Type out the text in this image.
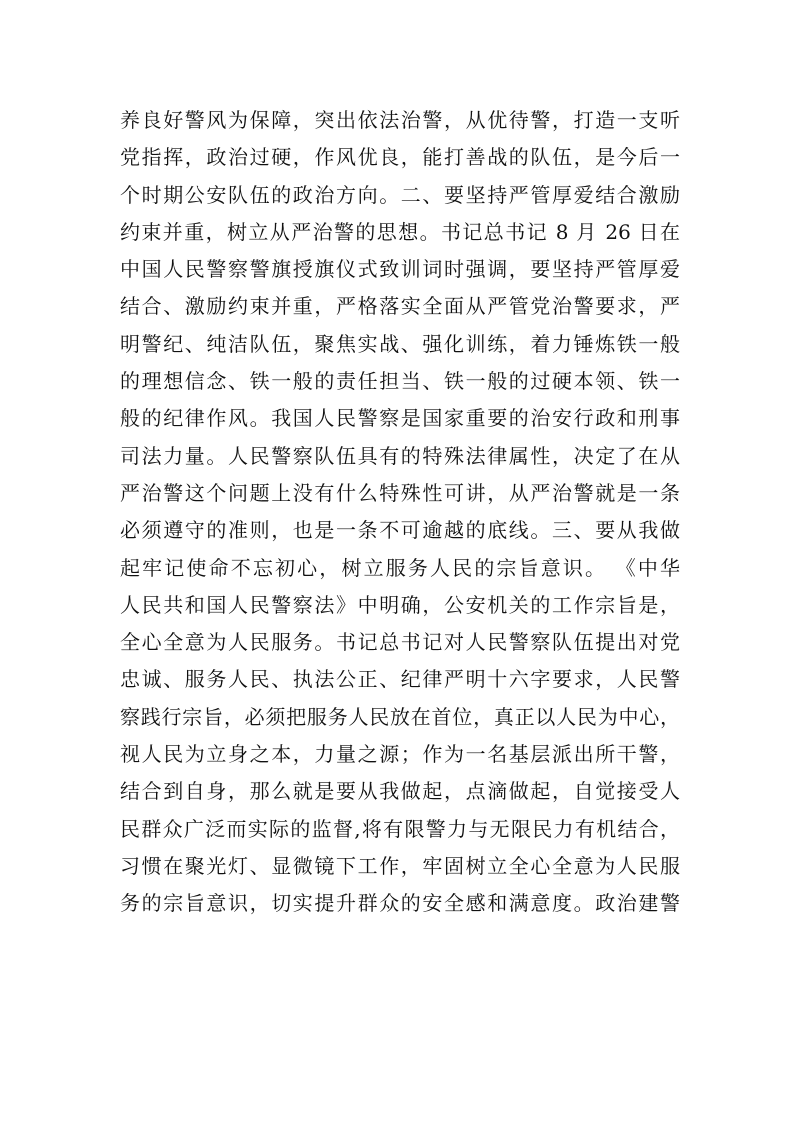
养良好警风为保障，突出依法治警，从优待警，打造一支听
党指挥，政治过硬，作风优良，能打善战的队伍，是今后一
个时期公安队伍的政治方向。二、要坚持严管厚爱结合激励
约束并重，树立从严治警的思想。书记总书记 8 月 26 日在
中国人民警察警旗授旗仪式致训词时强调，要坚持严管厚爱
结合、激励约束并重，严格落实全面从严管党治警要求，严
明警纪、纯洁队伍，聚焦实战、强化训练，着力锤炼铁一般
的理想信念、铁一般的责任担当、铁一般的过硬本领、铁一
般的纪律作风。我国人民警察是国家重要的治安行政和刑事
司法力量。人民警察队伍具有的特殊法律属性，决定了在从
严治警这个问题上没有什么特殊性可讲，从严治警就是一条
必须遵守的准则，也是一条不可逾越的底线。三、要从我做
起牢记使命不忘初心，树立服务人民的宗旨意识。 《中华
人民共和国人民警察法》中明确，公安机关的工作宗旨是，
全心全意为人民服务。书记总书记对人民警察队伍提出对党
忠诚、服务人民、执法公正、纪律严明十六字要求，人民警
察践行宗旨，必须把服务人民放在首位，真正以人民为中心，
视人民为立身之本，力量之源；作为一名基层派出所干警，
结合到自身，那么就是要从我做起，点滴做起，自觉接受人
民群众广泛而实际的监督,将有限警力与无限民力有机结合，
习惯在聚光灯、显微镜下工作，牢固树立全心全意为人民服
务的宗旨意识，切实提升群众的安全感和满意度。政治建警
